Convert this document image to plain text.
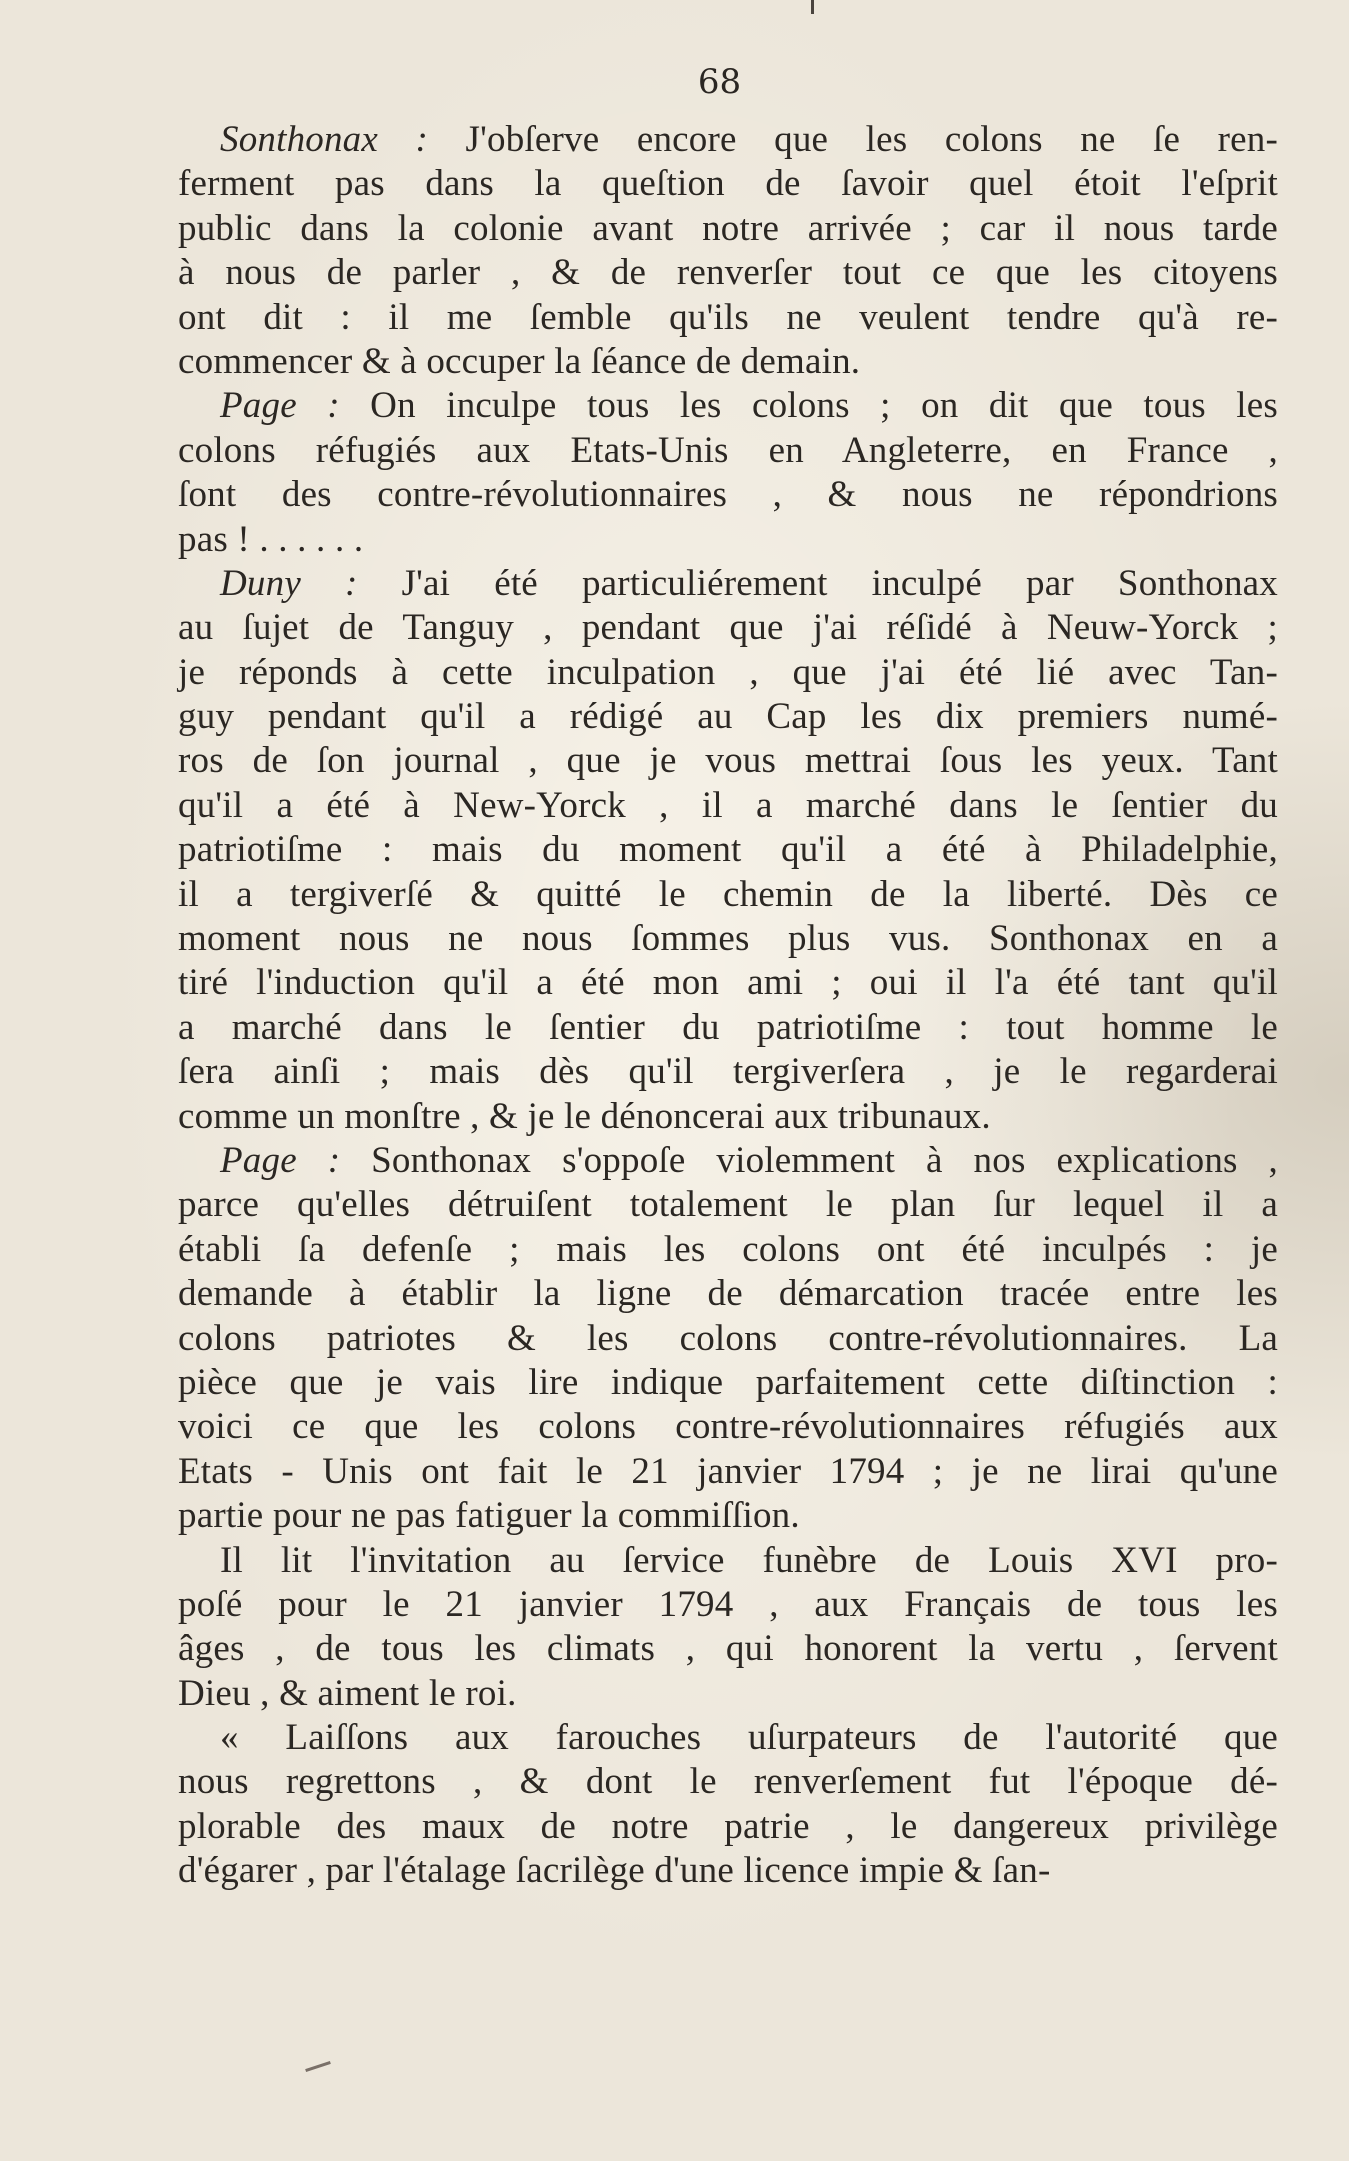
68
Sonthonax : J'obſerve encore que les colons ne ſe ren-
ferment pas dans la queſtion de ſavoir quel étoit l'eſprit
public dans la colonie avant notre arrivée ; car il nous tarde
à nous de parler , & de renverſer tout ce que les citoyens
ont dit : il me ſemble qu'ils ne veulent tendre qu'à re-
commencer & à occuper la ſéance de demain.
Page : On inculpe tous les colons ; on dit que tous les
colons réfugiés aux Etats-Unis en Angleterre, en France ,
ſont des contre-révolutionnaires , & nous ne répondrions
pas ! . . . . . .
Duny : J'ai été particuliérement inculpé par Sonthonax
au ſujet de Tanguy , pendant que j'ai réſidé à Neuw-Yorck ;
je réponds à cette inculpation , que j'ai été lié avec Tan-
guy pendant qu'il a rédigé au Cap les dix premiers numé-
ros de ſon journal , que je vous mettrai ſous les yeux. Tant
qu'il a été à New-Yorck , il a marché dans le ſentier du
patriotiſme : mais du moment qu'il a été à Philadelphie,
il a tergiverſé & quitté le chemin de la liberté. Dès ce
moment nous ne nous ſommes plus vus. Sonthonax en a
tiré l'induction qu'il a été mon ami ; oui il l'a été tant qu'il
a marché dans le ſentier du patriotiſme : tout homme le
ſera ainſi ; mais dès qu'il tergiverſera , je le regarderai
comme un monſtre , & je le dénoncerai aux tribunaux.
Page : Sonthonax s'oppoſe violemment à nos explications ,
parce qu'elles détruiſent totalement le plan ſur lequel il a
établi ſa defenſe ; mais les colons ont été inculpés : je
demande à établir la ligne de démarcation tracée entre les
colons patriotes & les colons contre-révolutionnaires. La
pièce que je vais lire indique parfaitement cette diſtinction :
voici ce que les colons contre-révolutionnaires réfugiés aux
Etats - Unis ont fait le 21 janvier 1794 ; je ne lirai qu'une
partie pour ne pas fatiguer la commiſſion.
Il lit l'invitation au ſervice funèbre de Louis XVI pro-
poſé pour le 21 janvier 1794 , aux Français de tous les
âges , de tous les climats , qui honorent la vertu , ſervent
Dieu , & aiment le roi.
« Laiſſons aux farouches uſurpateurs de l'autorité que
nous regrettons , & dont le renverſement fut l'époque dé-
plorable des maux de notre patrie , le dangereux privilège
d'égarer , par l'étalage ſacrilège d'une licence impie & ſan-
